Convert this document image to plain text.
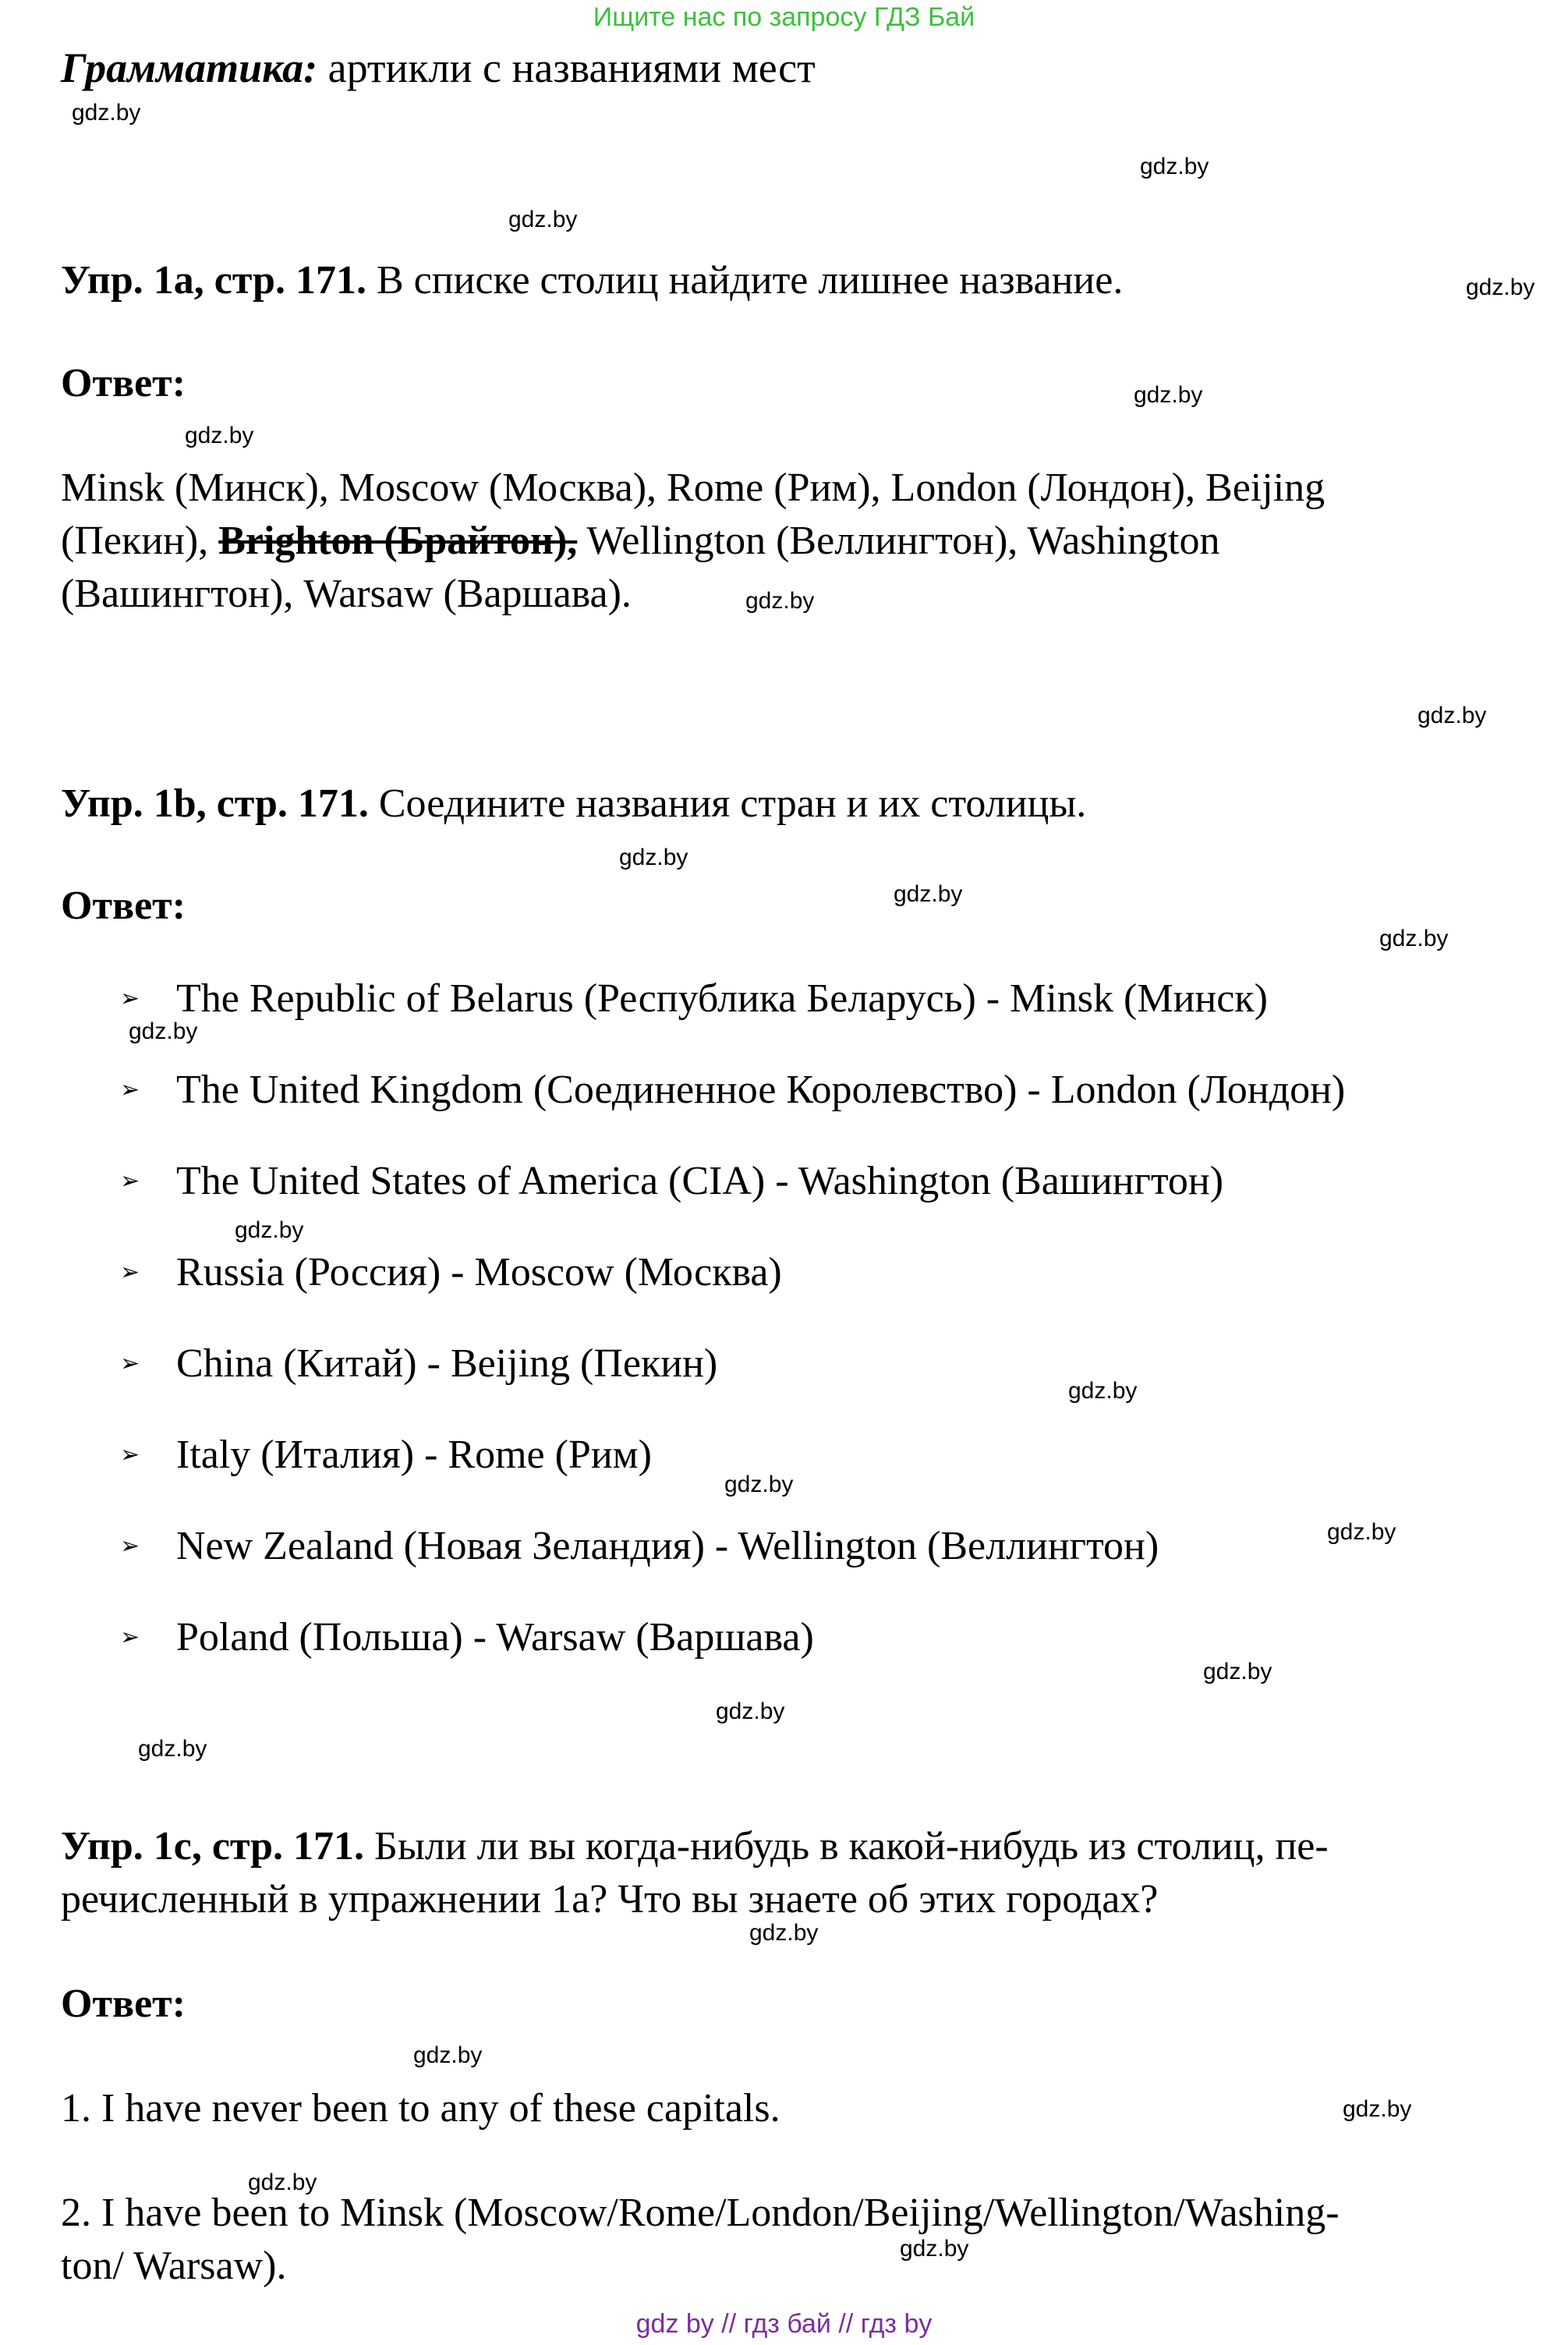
Ищите нас по запросу ГДЗ Бай
Грамматика: артикли с названиями мест
Упр. 1a, стр. 171. В списке столиц найдите лишнее название.
Ответ:
Minsk (Минск), Moscow (Москва), Rome (Рим), London (Лондон), Beijing
(Пекин), Brighton (Брайтон), Wellington (Веллингтон), Washington
(Вашингтон), Warsaw (Варшава).
Упр. 1b, стр. 171. Соедините названия стран и их столицы.
Ответ:
➢ The Republic of Belarus (Республика Беларусь) - Minsk (Минск)
➢ The United Kingdom (Соединенное Королевство) - London (Лондон)
➢ The United States of America (CIA) - Washington (Вашингтон)
➢ Russia (Россия) - Moscow (Москва)
➢ China (Китай) - Beijing (Пекин)
➢ Italy (Италия) - Rome (Рим)
➢ New Zealand (Новая Зеландия) - Wellington (Веллингтон)
➢ Poland (Польша) - Warsaw (Варшава)
Упр. 1c, стр. 171. Были ли вы когда-нибудь в какой-нибудь из столиц, пе-
речисленный в упражнении 1a? Что вы знаете об этих городах?
Ответ:
1. I have never been to any of these capitals.
2. I have been to Minsk (Moscow/Rome/London/Beijing/Wellington/Washing-
ton/ Warsaw).
gdz.by
gdz.by
gdz.by
gdz.by
gdz.by
gdz.by
gdz.by
gdz.by
gdz.by
gdz.by
gdz.by
gdz.by
gdz.by
gdz.by
gdz.by
gdz.by
gdz.by
gdz.by
gdz.by
gdz.by
gdz.by
gdz.by
gdz.by
gdz.by
gdz by // гдз бай // гдз by
